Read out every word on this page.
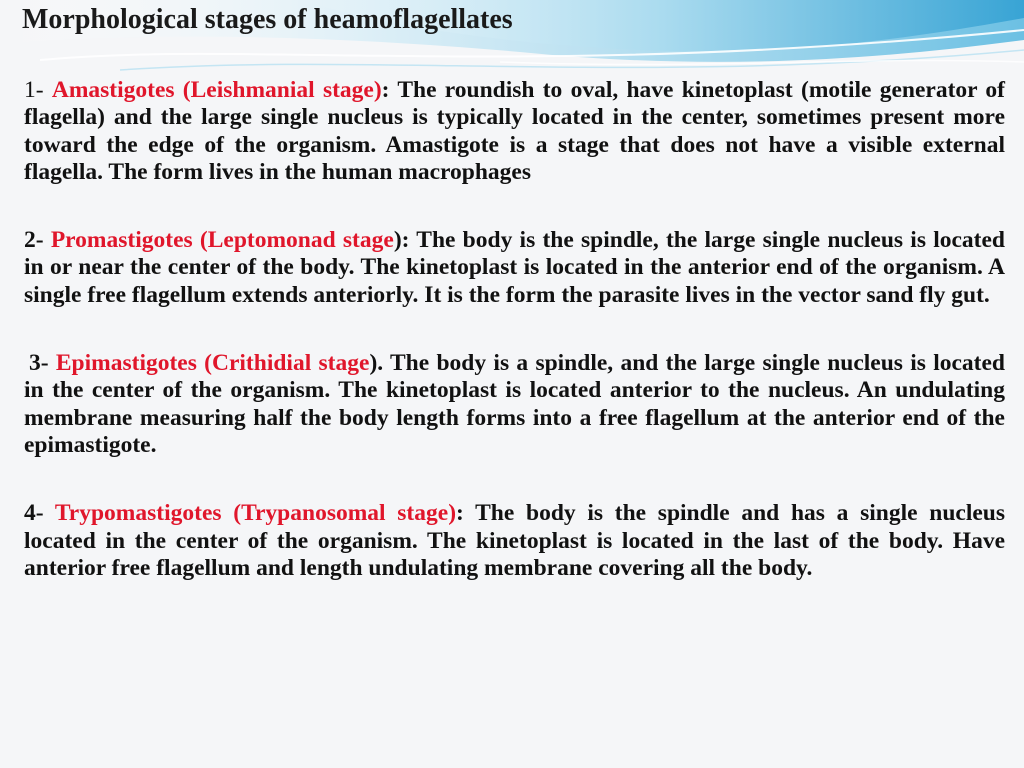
Morphological stages of heamoflagellates

1- Amastigotes (Leishmanial stage): The roundish to oval, have kinetoplast (motile generator of flagella) and the large single nucleus is typically located in the center, sometimes present more toward the edge of the organism. Amastigote is a stage that does not have a visible external flagella. The form lives in the human macrophages

2- Promastigotes (Leptomonad stage): The body is the spindle, the large single nucleus is located in or near the center of the body. The kinetoplast is located in the anterior end of the organism. A single free flagellum extends anteriorly. It is the form the parasite lives in the vector sand fly gut.

3- Epimastigotes (Crithidial stage). The body is a spindle, and the large single nucleus is located in the center of the organism. The kinetoplast is located anterior to the nucleus. An undulating membrane measuring half the body length forms into a free flagellum at the anterior end of the epimastigote.

4- Trypomastigotes (Trypanosomal stage): The body is the spindle and has a single nucleus located in the center of the organism. The kinetoplast is located in the last of the body. Have anterior free flagellum and length undulating membrane covering all the body.
